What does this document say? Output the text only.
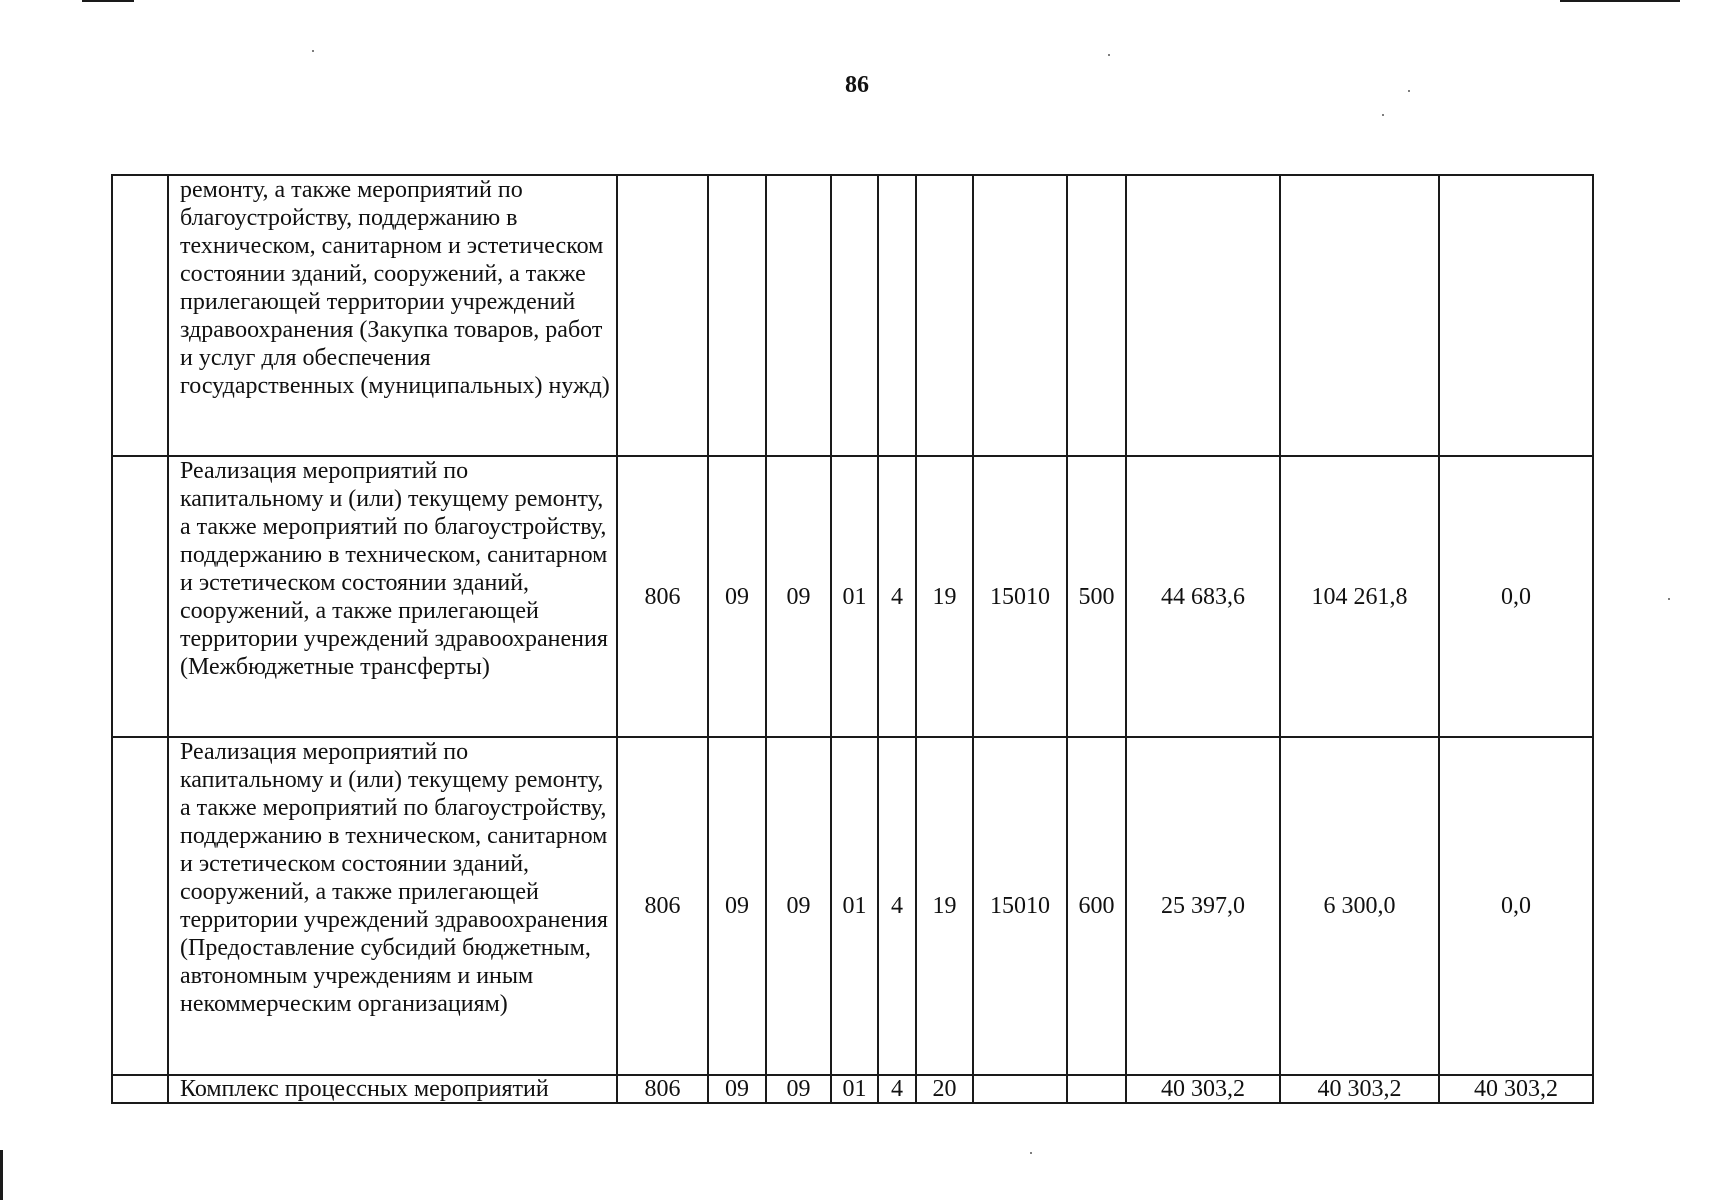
86
	ремонту, а также мероприятий по благоустройству, поддержанию в техническом, санитарном и эстетическом состоянии зданий, сооружений, а также прилегающей территории учреждений здравоохранения (Закупка товаров, работ и услуг для обеспечения государственных (муниципальных) нужд)											
	Реализация мероприятий по капитальному и (или) текущему ремонту, а также мероприятий по благоустройству, поддержанию в техническом, санитарном и эстетическом состоянии зданий, сооружений, а также прилегающей территории учреждений здравоохранения (Межбюджетные трансферты)	806	09	09	01	4	19	15010	500	44 683,6	104 261,8	0,0
	Реализация мероприятий по капитальному и (или) текущему ремонту, а также мероприятий по благоустройству, поддержанию в техническом, санитарном и эстетическом состоянии зданий, сооружений, а также прилегающей территории учреждений здравоохранения (Предоставление субсидий бюджетным, автономным учреждениям и иным некоммерческим организациям)	806	09	09	01	4	19	15010	600	25 397,0	6 300,0	0,0
	Комплекс процессных мероприятий	806	09	09	01	4	20			40 303,2	40 303,2	40 303,2
